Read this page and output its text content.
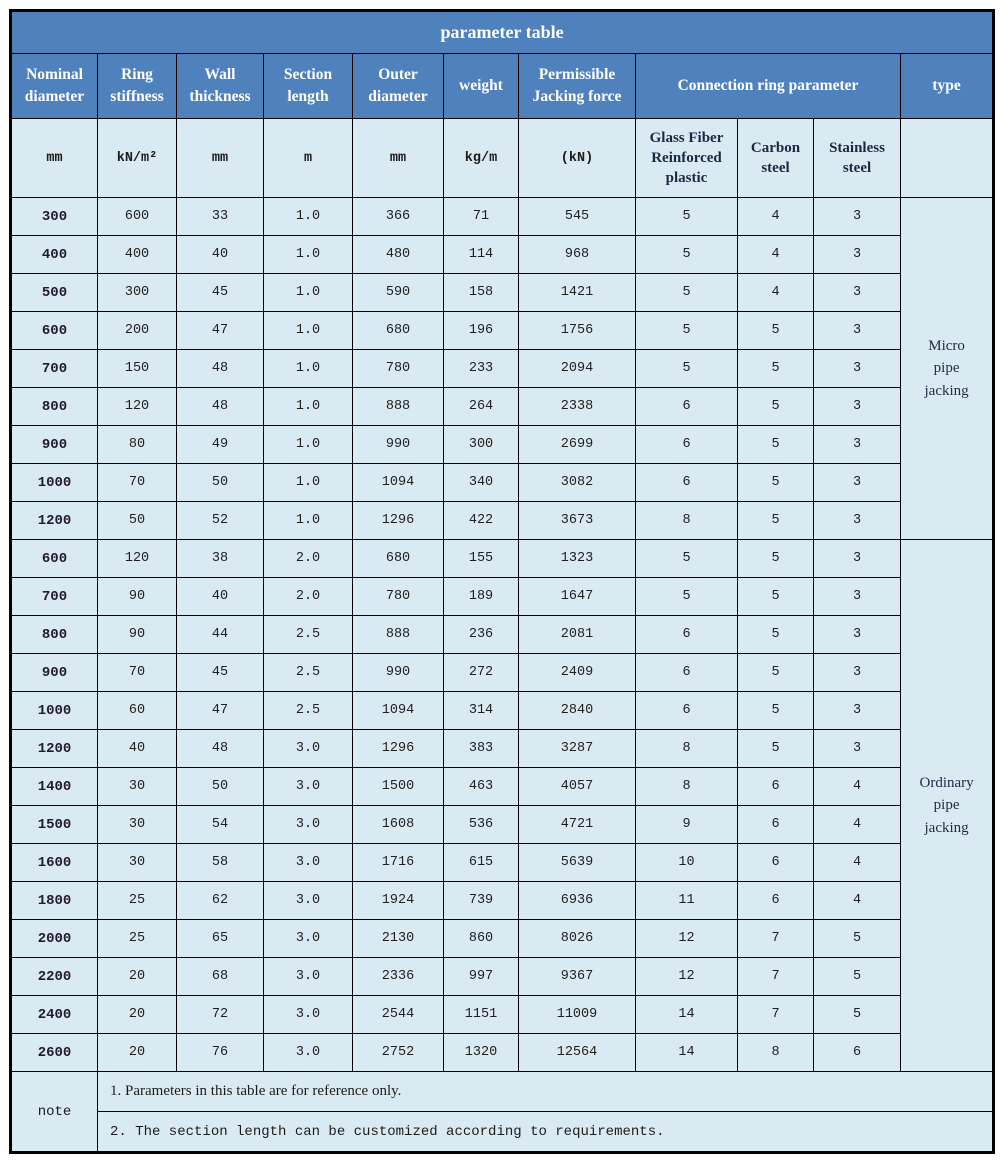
parameter table										
Nominal diameter	Ring stiffness	Wall thickness	Section length	Outer diameter	weight	Permissible Jacking force	Connection ring parameter			type
mm	kN/m²	mm	m	mm	kg/m	(kN)	Glass Fiber Reinforced plastic	Carbon steel	Stainless steel	
300	600	33	1.0	366	71	545	5	4	3	Micro pipe jacking
400	400	40	1.0	480	114	968	5	4	3	
500	300	45	1.0	590	158	1421	5	4	3	
600	200	47	1.0	680	196	1756	5	5	3	
700	150	48	1.0	780	233	2094	5	5	3	
800	120	48	1.0	888	264	2338	6	5	3	
900	80	49	1.0	990	300	2699	6	5	3	
1000	70	50	1.0	1094	340	3082	6	5	3	
1200	50	52	1.0	1296	422	3673	8	5	3	
600	120	38	2.0	680	155	1323	5	5	3	Ordinary pipe jacking
700	90	40	2.0	780	189	1647	5	5	3	
800	90	44	2.5	888	236	2081	6	5	3	
900	70	45	2.5	990	272	2409	6	5	3	
1000	60	47	2.5	1094	314	2840	6	5	3	
1200	40	48	3.0	1296	383	3287	8	5	3	
1400	30	50	3.0	1500	463	4057	8	6	4	
1500	30	54	3.0	1608	536	4721	9	6	4	
1600	30	58	3.0	1716	615	5639	10	6	4	
1800	25	62	3.0	1924	739	6936	11	6	4	
2000	25	65	3.0	2130	860	8026	12	7	5	
2200	20	68	3.0	2336	997	9367	12	7	5	
2400	20	72	3.0	2544	1151	11009	14	7	5	
2600	20	76	3.0	2752	1320	12564	14	8	6	
note	1. Parameters in this table are for reference only.									
	2. The section length can be customized according to requirements.									
